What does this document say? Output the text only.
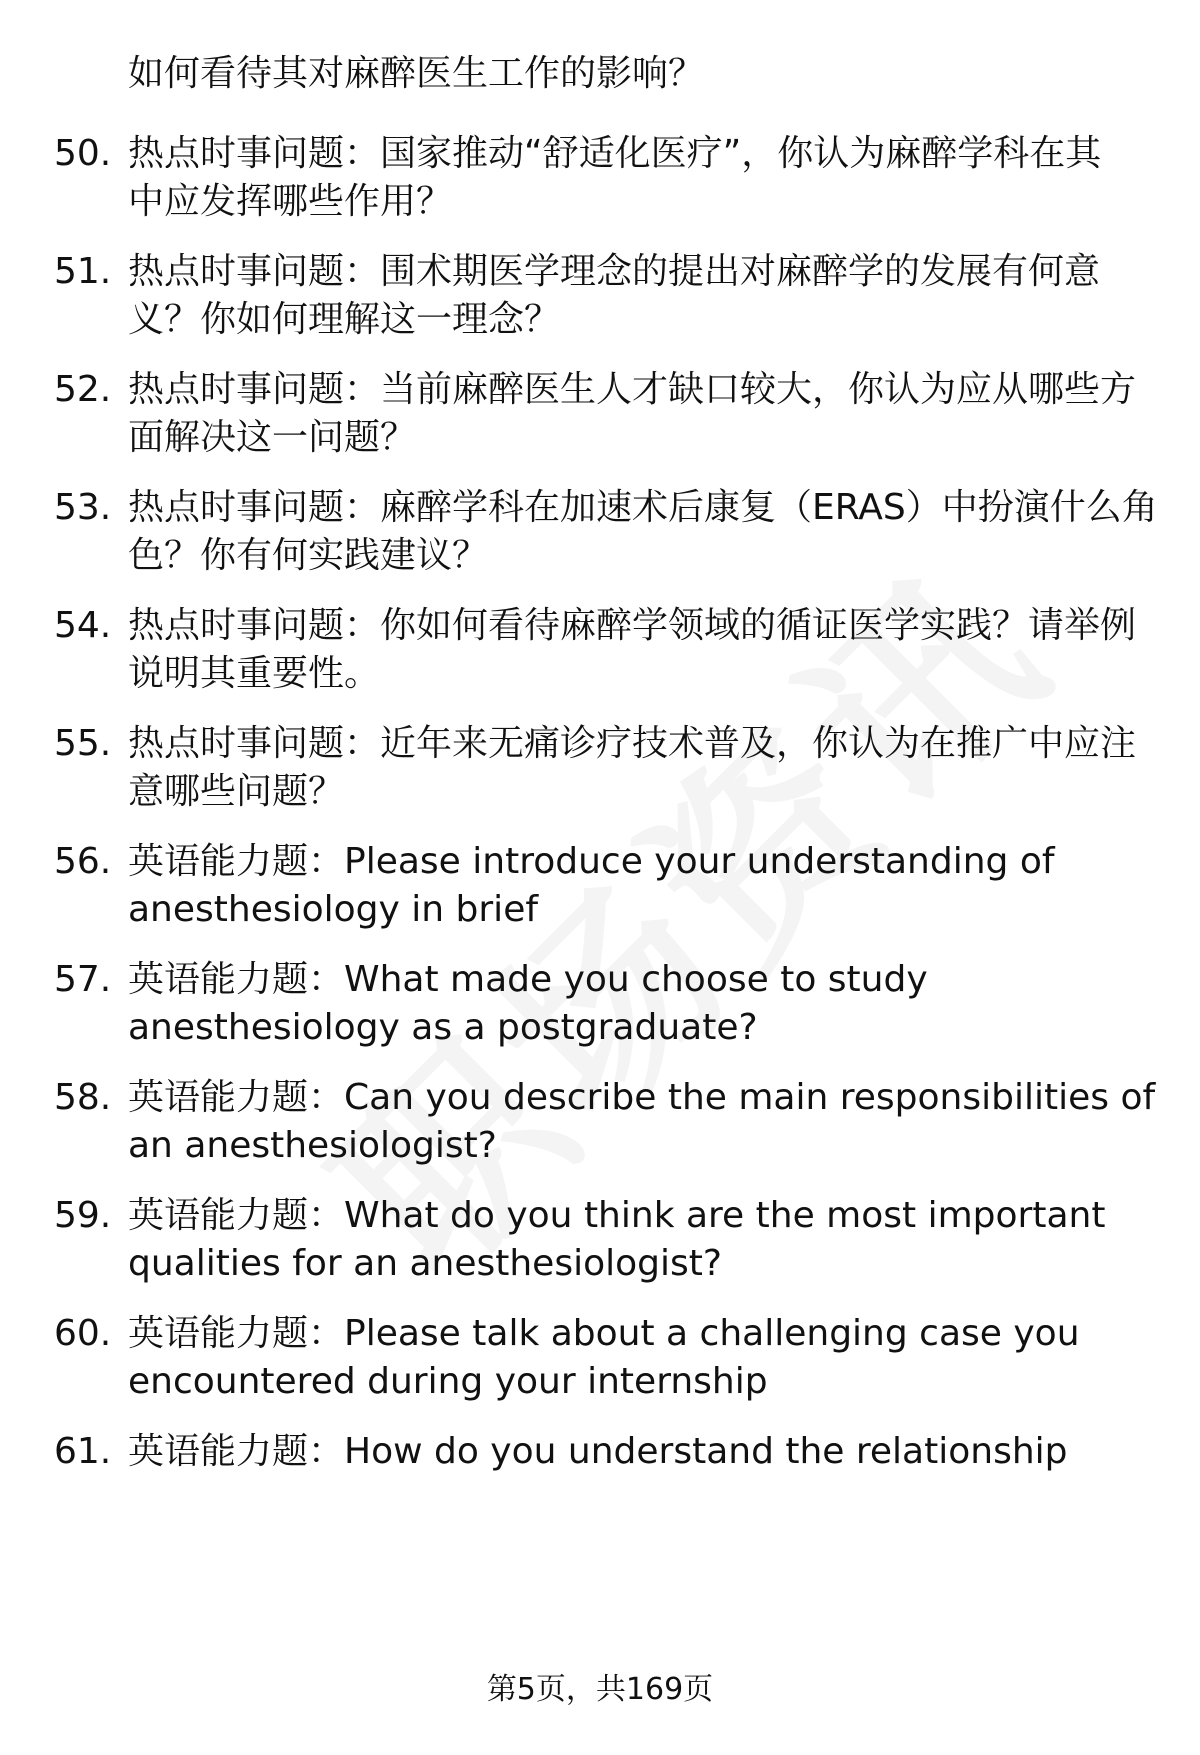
如何看待其对麻醉医生工作的影响？
50. 热点时事问题：国家推动“舒适化医疗”，你认为麻醉学科在其
中应发挥哪些作用？
51. 热点时事问题：围术期医学理念的提出对麻醉学的发展有何意
义？你如何理解这一理念？
52. 热点时事问题：当前麻醉医生人才缺口较大，你认为应从哪些方
面解决这一问题？
53. 热点时事问题：麻醉学科在加速术后康复（ERAS）中扮演什么角
色？你有何实践建议？
54. 热点时事问题：你如何看待麻醉学领域的循证医学实践？请举例
说明其重要性。
55. 热点时事问题：近年来无痛诊疗技术普及，你认为在推广中应注
意哪些问题？
56. 英语能力题：Please introduce your understanding of
anesthesiology in brief
57. 英语能力题：What made you choose to study
anesthesiology as a postgraduate?
58. 英语能力题：Can you describe the main responsibilities of
an anesthesiologist?
59. 英语能力题：What do you think are the most important
qualities for an anesthesiologist?
60. 英语能力题：Please talk about a challenging case you
encountered during your internship
61. 英语能力题：How do you understand the relationship
第5页，共169页
